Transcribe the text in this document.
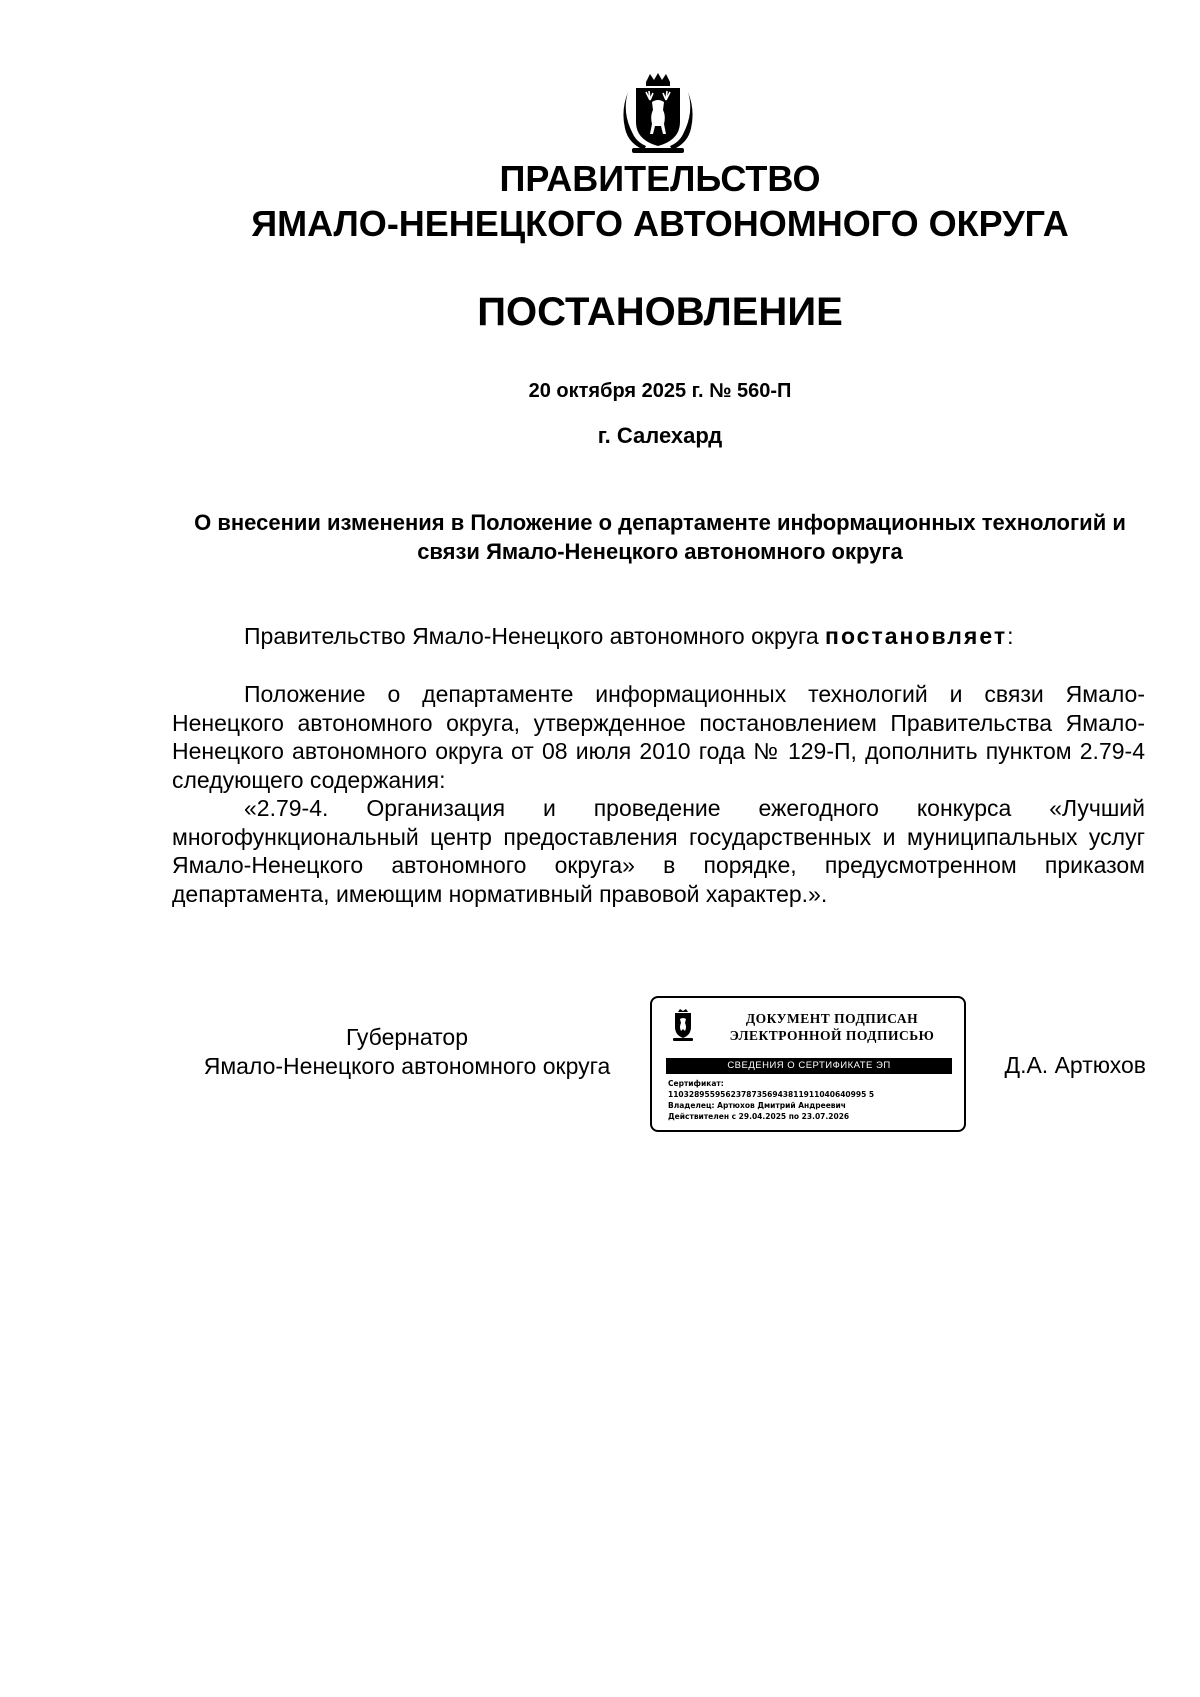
ПРАВИТЕЛЬСТВО
ЯМАЛО-НЕНЕЦКОГО АВТОНОМНОГО ОКРУГА
ПОСТАНОВЛЕНИЕ
20 октября 2025 г. № 560-П
г. Салехард
О внесении изменения в Положение о департаменте информационных технологий и связи Ямало-Ненецкого автономного округа
Правительство Ямало-Ненецкого автономного округа постановляет:
Положение о департаменте информационных технологий и связи Ямало-Ненецкого автономного округа, утвержденное постановлением Правительства Ямало-Ненецкого автономного округа от 08 июля 2010 года № 129-П, дополнить пунктом 2.79-4 следующего содержания:
«2.79-4. Организация и проведение ежегодного конкурса «Лучший многофункциональный центр предоставления государственных и муниципальных услуг Ямало-Ненецкого автономного округа» в порядке, предусмотренном приказом департамента, имеющим нормативный правовой характер.».
Губернатор
Ямало-Ненецкого автономного округа
ДОКУМЕНТ ПОДПИСАН
ЭЛЕКТРОННОЙ ПОДПИСЬЮ
СВЕДЕНИЯ О СЕРТИФИКАТЕ ЭП
Сертификат:
11032895595623787356943811911040640995 5
Владелец: Артюхов Дмитрий Андреевич
Действителен с 29.04.2025 по 23.07.2026
Д.А. Артюхов
